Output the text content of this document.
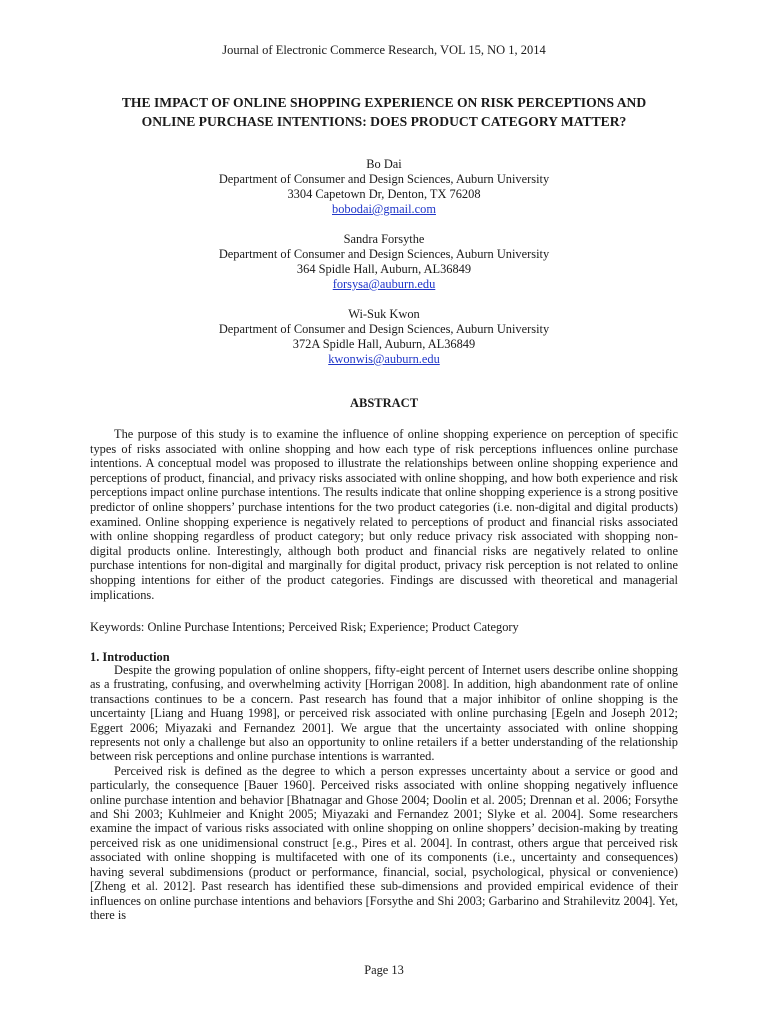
Journal of Electronic Commerce Research, VOL 15, NO 1, 2014
THE IMPACT OF ONLINE SHOPPING EXPERIENCE ON RISK PERCEPTIONS AND
ONLINE PURCHASE INTENTIONS: DOES PRODUCT CATEGORY MATTER?
Bo Dai
Department of Consumer and Design Sciences, Auburn University
3304 Capetown Dr, Denton, TX 76208
bobodai@gmail.com
Sandra Forsythe
Department of Consumer and Design Sciences, Auburn University
364 Spidle Hall, Auburn, AL36849
forsysa@auburn.edu
Wi-Suk Kwon
Department of Consumer and Design Sciences, Auburn University
372A Spidle Hall, Auburn, AL36849
kwonwis@auburn.edu
ABSTRACT
The purpose of this study is to examine the influence of online shopping experience on perception of specific types of risks associated with online shopping and how each type of risk perceptions influences online purchase intentions. A conceptual model was proposed to illustrate the relationships between online shopping experience and perceptions of product, financial, and privacy risks associated with online shopping, and how both experience and risk perceptions impact online purchase intentions. The results indicate that online shopping experience is a strong positive predictor of online shoppers’ purchase intentions for the two product categories (i.e. non-digital and digital products) examined. Online shopping experience is negatively related to perceptions of product and financial risks associated with online shopping regardless of product category; but only reduce privacy risk associated with shopping non-digital products online. Interestingly, although both product and financial risks are negatively related to online purchase intentions for non-digital and marginally for digital product, privacy risk perception is not related to online shopping intentions for either of the product categories. Findings are discussed with theoretical and managerial implications.
Keywords: Online Purchase Intentions; Perceived Risk; Experience; Product Category
1. Introduction

Despite the growing population of online shoppers, fifty-eight percent of Internet users describe online shopping as a frustrating, confusing, and overwhelming activity [Horrigan 2008]. In addition, high abandonment rate of online transactions continues to be a concern. Past research has found that a major inhibitor of online shopping is the uncertainty [Liang and Huang 1998], or perceived risk associated with online purchasing [Egeln and Joseph 2012; Eggert 2006; Miyazaki and Fernandez 2001]. We argue that the uncertainty associated with online shopping represents not only a challenge but also an opportunity to online retailers if a better understanding of the relationship between risk perceptions and online purchase intentions is warranted.

Perceived risk is defined as the degree to which a person expresses uncertainty about a service or good and particularly, the consequence [Bauer 1960]. Perceived risks associated with online shopping negatively influence online purchase intention and behavior [Bhatnagar and Ghose 2004; Doolin et al. 2005; Drennan et al. 2006; Forsythe and Shi 2003; Kuhlmeier and Knight 2005; Miyazaki and Fernandez 2001; Slyke et al. 2004]. Some researchers examine the impact of various risks associated with online shopping on online shoppers’ decision-making by treating perceived risk as one unidimensional construct [e.g., Pires et al. 2004]. In contrast, others argue that perceived risk associated with online shopping is multifaceted with one of its components (i.e., uncertainty and consequences) having several subdimensions (product or performance, financial, social, psychological, physical or convenience) [Zheng et al. 2012]. Past research has identified these sub-dimensions and provided empirical evidence of their influences on online purchase intentions and behaviors [Forsythe and Shi 2003; Garbarino and Strahilevitz 2004]. Yet, there is

Page 13
